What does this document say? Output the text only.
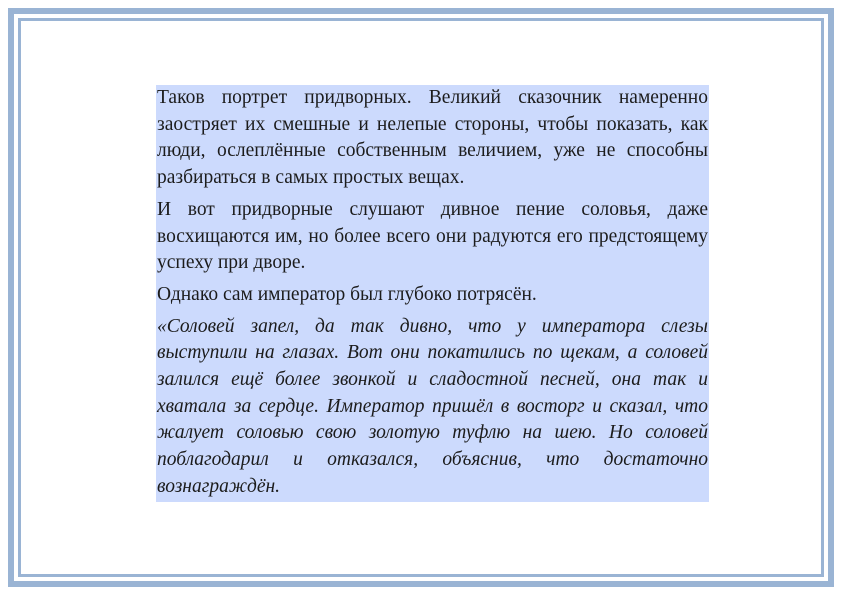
Таков портрет придворных. Великий сказочник намеренно заостряет их смешные и нелепые стороны, чтобы показать, как люди, ослеплённые собственным величием, уже не способны разбираться в самых простых вещах.

И вот придворные слушают дивное пение соловья, даже восхищаются им, но более всего они радуются его предстоящему успеху при дворе.

Однако сам император был глубоко потрясён.

«Соловей запел, да так дивно, что у императора слезы выступили на глазах. Вот они покатились по щекам, а соловей залился ещё более звонкой и сладостной песней, она так и хватала за сердце. Император пришёл в восторг и сказал, что жалует соловью свою золотую туфлю на шею. Но соловей поблагодарил и отказался, объяснив, что достаточно вознаграждён.
